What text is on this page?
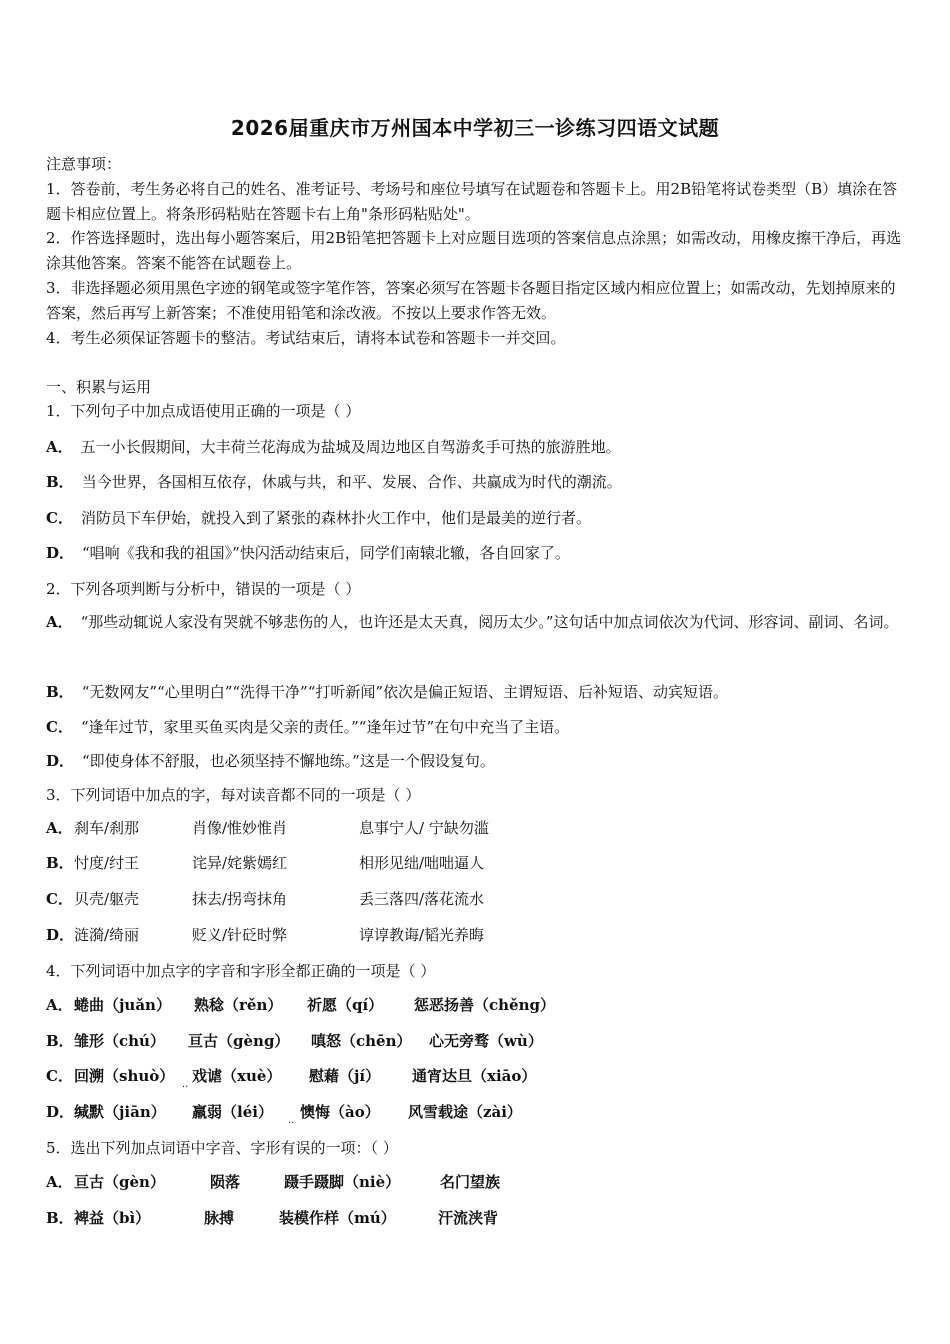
2026届重庆市万州国本中学初三一诊练习四语文试题
注意事项：
1．答卷前，考生务必将自己的姓名、准考证号、考场号和座位号填写在试题卷和答题卡上。用2B铅笔将试卷类型（B）填涂在答题卡相应位置上。将条形码粘贴在答题卡右上角"条形码粘贴处"。
2．作答选择题时，选出每小题答案后，用2B铅笔把答题卡上对应题目选项的答案信息点涂黑；如需改动，用橡皮擦干净后，再选涂其他答案。答案不能答在试题卷上。
3．非选择题必须用黑色字迹的钢笔或签字笔作答，答案必须写在答题卡各题目指定区域内相应位置上；如需改动，先划掉原来的答案，然后再写上新答案；不准使用铅笔和涂改液。不按以上要求作答无效。
4．考生必须保证答题卡的整洁。考试结束后，请将本试卷和答题卡一并交回。
一、积累与运用
1．下列句子中加点成语使用正确的一项是（ ）
A． 五一小长假期间，大丰荷兰花海成为盐城及周边地区自驾游炙手可热的旅游胜地。
B． 当今世界，各国相互依存，休戚与共，和平、发展、合作、共赢成为时代的潮流。
C． 消防员下车伊始，就投入到了紧张的森林扑火工作中，他们是最美的逆行者。
D． “唱响《我和我的祖国》”快闪活动结束后，同学们南辕北辙，各自回家了。
2．下列各项判断与分析中，错误的一项是（ ）
A． “那些动辄说人家没有哭就不够悲伤的人，也许还是太天真，阅历太少。”这句话中加点词依次为代词、形容词、副词、名词。
B． “无数网友”“心里明白”“洗得干净”“打听新闻”依次是偏正短语、主谓短语、后补短语、动宾短语。
C． “逢年过节，家里买鱼买肉是父亲的责任。”“逢年过节”在句中充当了主语。
D． “即使身体不舒服，也必须坚持不懈地练。”这是一个假设复句。
3．下列词语中加点的字，每对读音都不同的一项是（ ）
A． 刹车/刹那	肖像/惟妙惟肖	息事宁人/ 宁缺勿滥
B． 忖度/纣王	诧异/姹紫嫣红	相形见绌/咄咄逼人
C． 贝壳/躯壳	抹去/拐弯抹角	丢三落四/落花流水
D． 涟漪/绮丽	贬义/针砭时弊	谆谆教诲/韬光养晦
4．下列词语中加点字的字音和字形全都正确的一项是（ ）
A． 蜷曲（juǎn） 熟稔（rěn） 祈愿（qí） 惩恶扬善（chěng）
B． 雏形（chú） 亘古（gèng） 嗔怒（chēn） 心无旁骛（wù）
C． 回溯（shuò） 戏谑（xuè） 慰藉（jí） 通宵达旦（xiāo）
··
D． 缄默（jiān） 羸弱（léi） 懊悔（ào） 风雪载途（zài）
··
5．选出下列加点词语中字音、字形有误的一项：（ ）
A． 亘古（gèn）	陨落	蹑手蹑脚（niè）	名门望族
B． 裨益（bì）	脉搏	装模作样（mú）	汗流浃背
